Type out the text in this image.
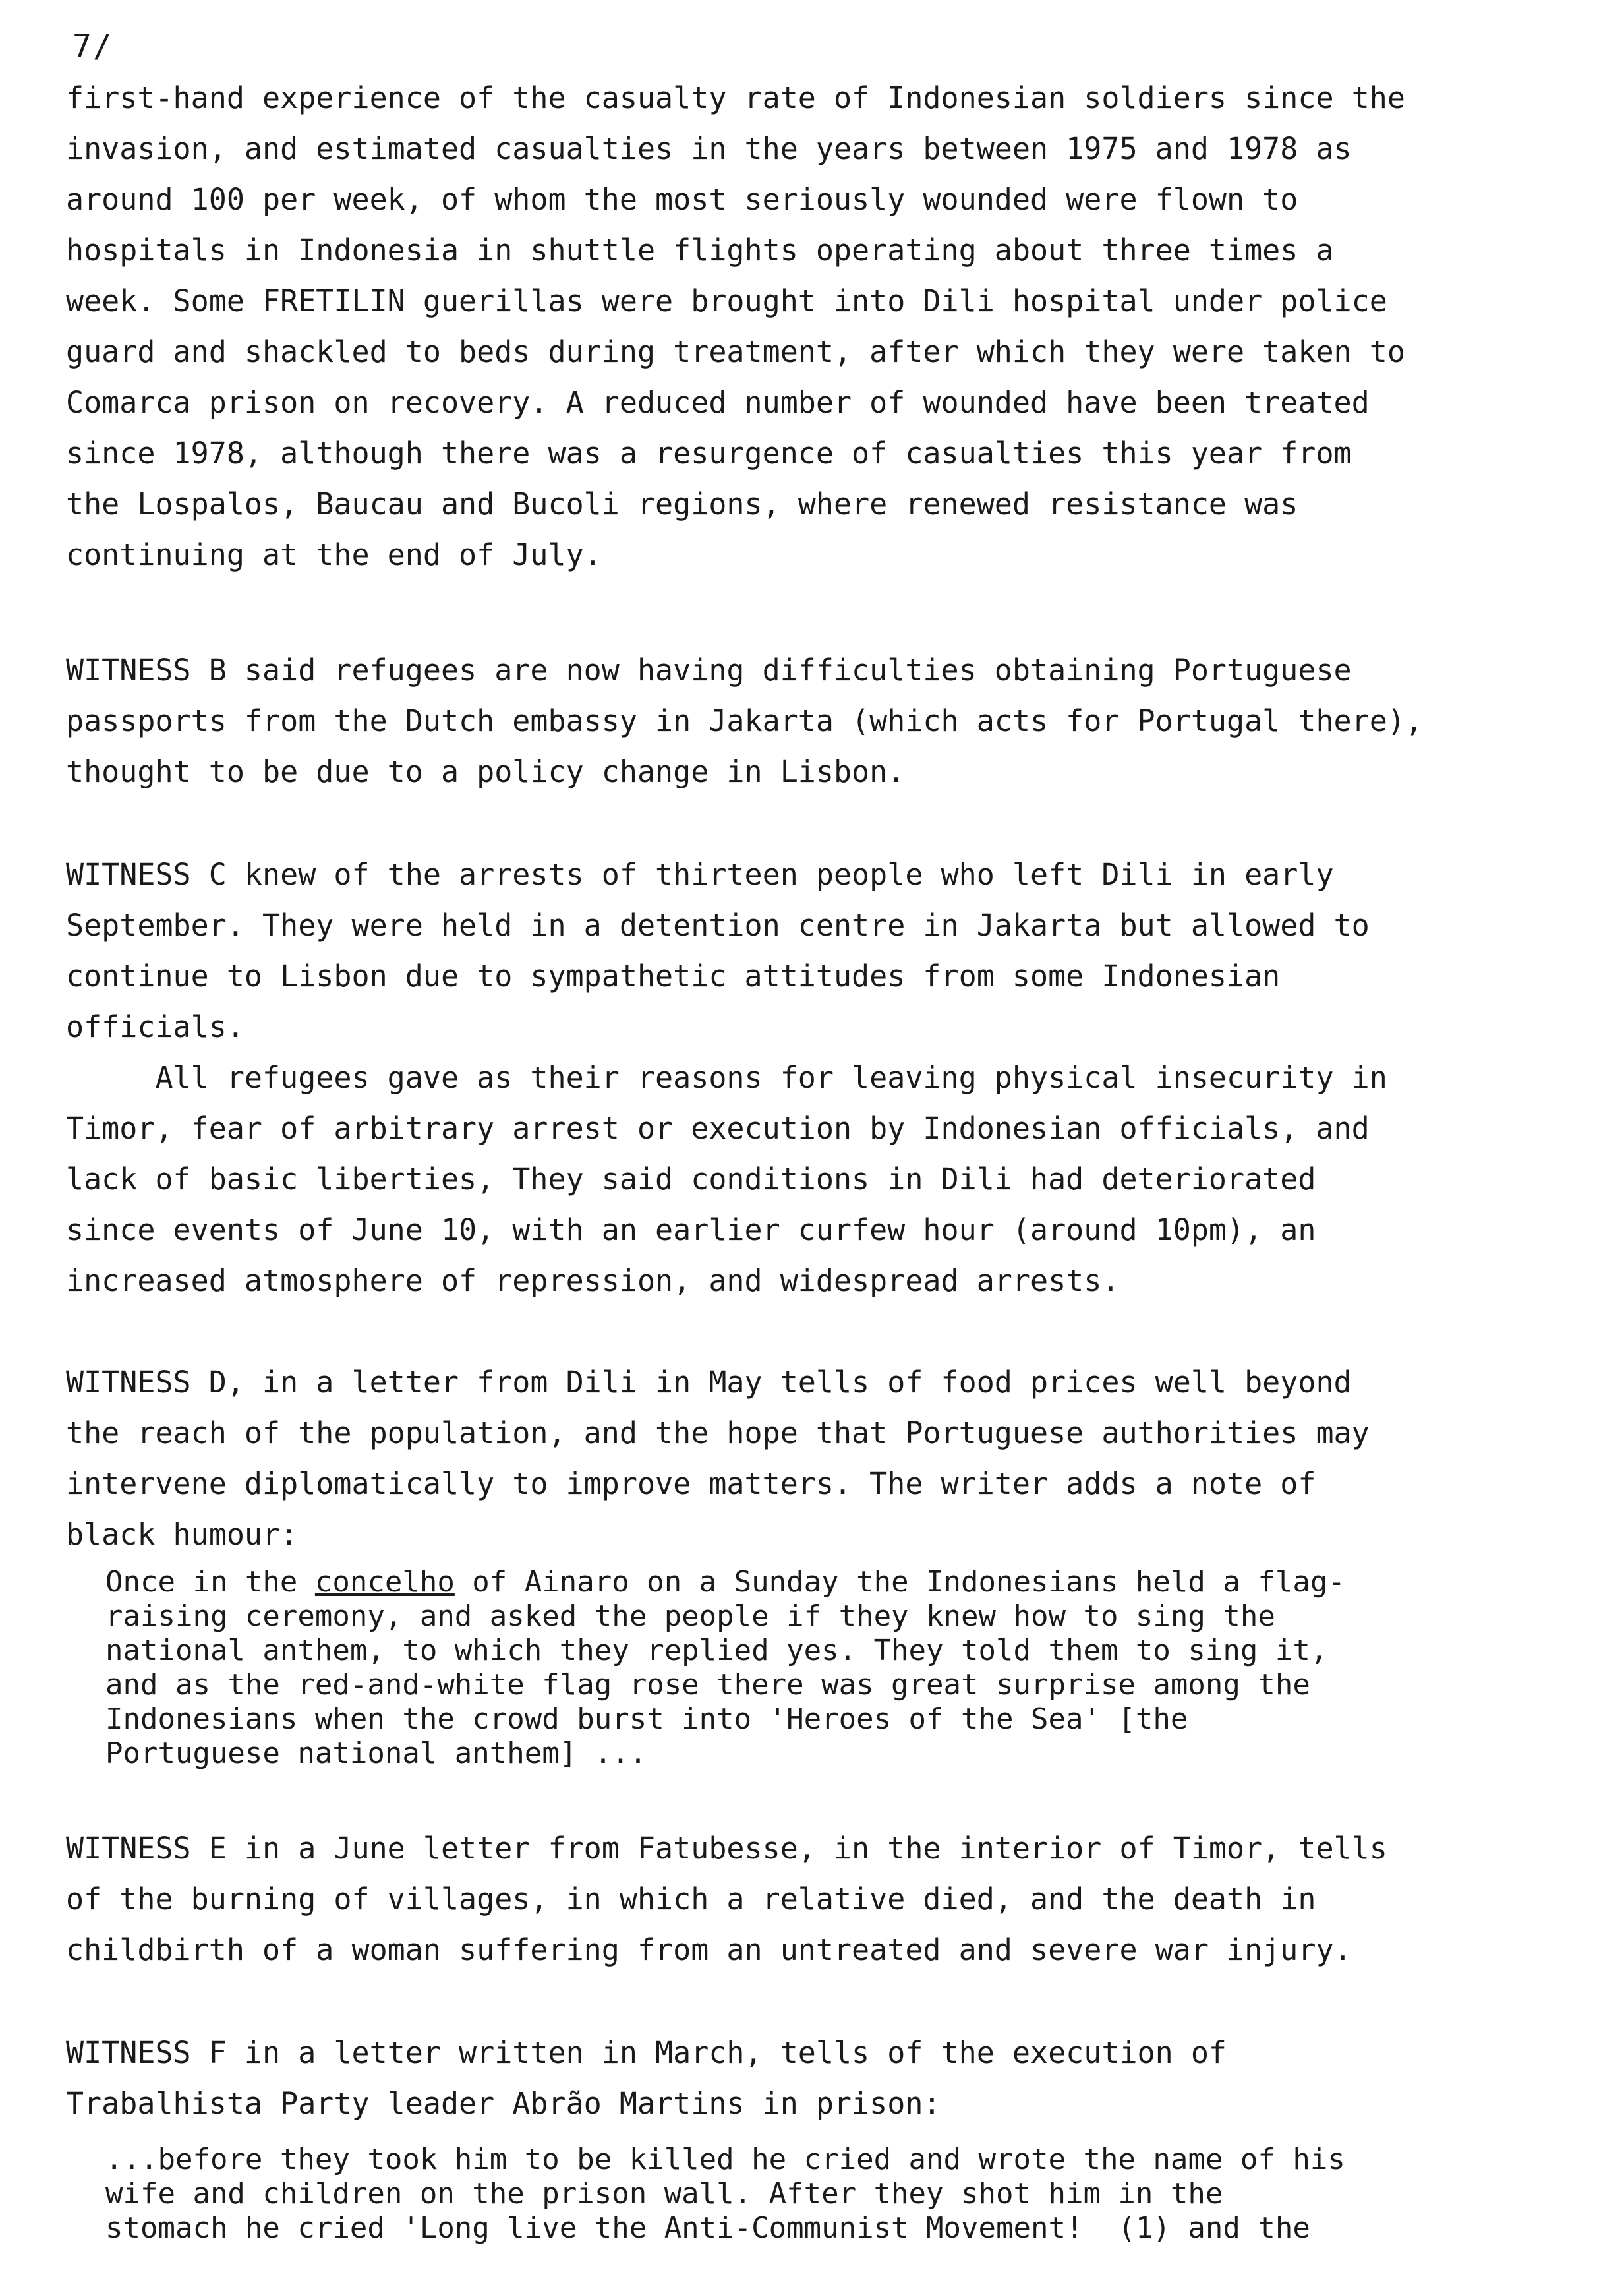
7/
first-hand experience of the casualty rate of Indonesian soldiers since the
invasion, and estimated casualties in the years between 1975 and 1978 as
around 100 per week, of whom the most seriously wounded were flown to
hospitals in Indonesia in shuttle flights operating about three times a
week. Some FRETILIN guerillas were brought into Dili hospital under police
guard and shackled to beds during treatment, after which they were taken to
Comarca prison on recovery. A reduced number of wounded have been treated
since 1978, although there was a resurgence of casualties this year from
the Lospalos, Baucau and Bucoli regions, where renewed resistance was
continuing at the end of July.
WITNESS B said refugees are now having difficulties obtaining Portuguese
passports from the Dutch embassy in Jakarta (which acts for Portugal there),
thought to be due to a policy change in Lisbon.
WITNESS C knew of the arrests of thirteen people who left Dili in early
September. They were held in a detention centre in Jakarta but allowed to
continue to Lisbon due to sympathetic attitudes from some Indonesian
officials.
All refugees gave as their reasons for leaving physical insecurity in
Timor, fear of arbitrary arrest or execution by Indonesian officials, and
lack of basic liberties, They said conditions in Dili had deteriorated
since events of June 10, with an earlier curfew hour (around 10pm), an
increased atmosphere of repression, and widespread arrests.
WITNESS D, in a letter from Dili in May tells of food prices well beyond
the reach of the population, and the hope that Portuguese authorities may
intervene diplomatically to improve matters. The writer adds a note of
black humour:
Once in the concelho of Ainaro on a Sunday the Indonesians held a flag-
raising ceremony, and asked the people if they knew how to sing the
national anthem, to which they replied yes. They told them to sing it,
and as the red-and-white flag rose there was great surprise among the
Indonesians when the crowd burst into 'Heroes of the Sea' [the
Portuguese national anthem] ...
WITNESS E in a June letter from Fatubesse, in the interior of Timor, tells
of the burning of villages, in which a relative died, and the death in
childbirth of a woman suffering from an untreated and severe war injury.
WITNESS F in a letter written in March, tells of the execution of
Trabalhista Party leader Abrão Martins in prison:
...before they took him to be killed he cried and wrote the name of his
wife and children on the prison wall. After they shot him in the
stomach he cried 'Long live the Anti-Communist Movement!  (1) and the
